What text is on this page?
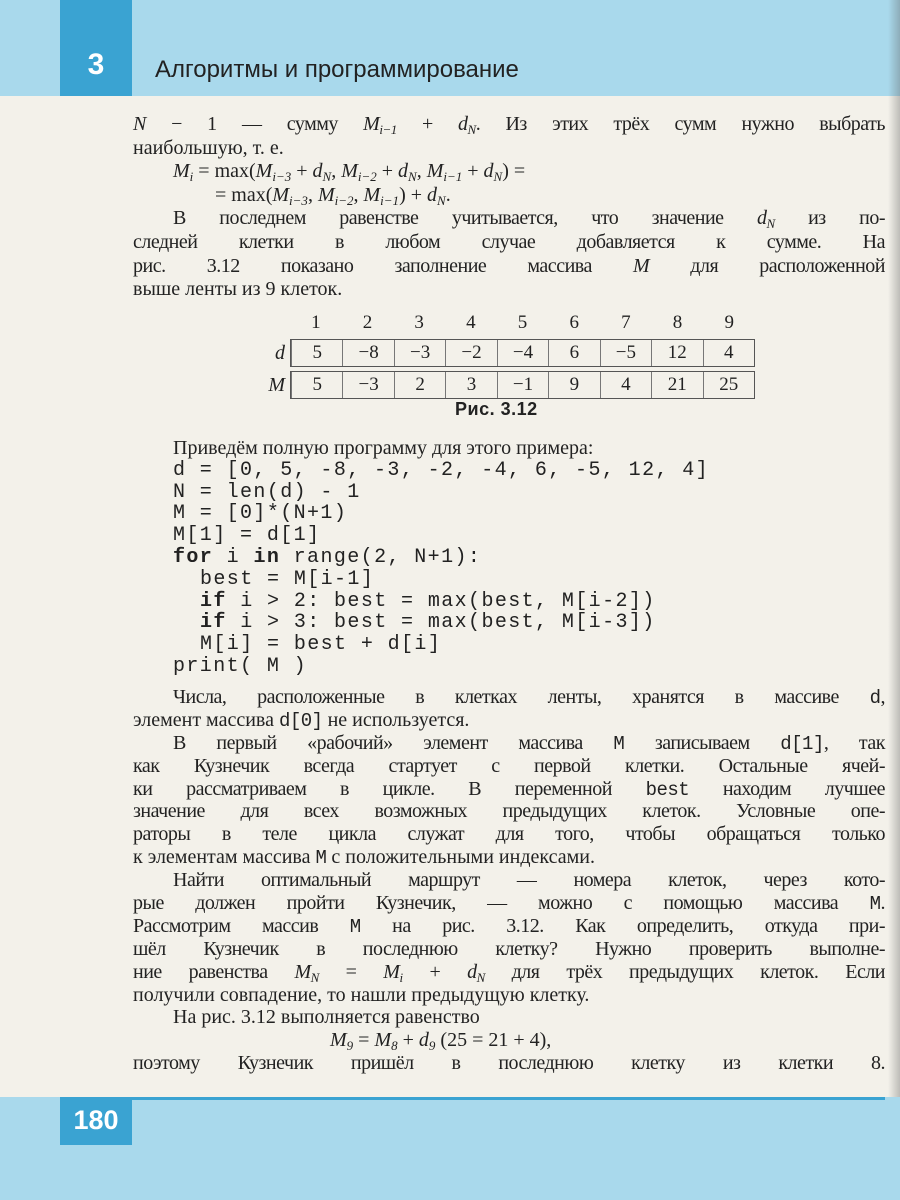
3	Алгоритмы и программирование
N − 1 — сумму $M_{i-1} + d_N$. Из этих трёх сумм нужно выбрать
наибольшую, т. е.
$M_i = \max(M_{i-3} + d_N$, $M_{i-2} + d_N$, $M_{i-1} + d_N$) =
= $\max(M_{i-3}$, $M_{i-2}$, $M_{i-1}) + d_N$.
В последнем равенстве учитывается, что значение $d_N$ из по-
следней клетки в любом случае добавляется к сумме. На
рис. 3.12 показано заполнение массива M для расположенной
выше ленты из 9 клеток.
1	2	3	4	5	6	7	8	9
d	5	−8	−3	−2	−4	6	−5	12	4
M	5	−3	2	3	−1	9	4	21	25
Рис. 3.12
Приведём полную программу для этого примера:
d = [0, 5, -8, -3, -2, -4, 6, -5, 12, 4]
N = len(d) - 1
M = [0]*(N+1)
M[1] = d[1]
for i in range(2, N+1):
best = M[i-1]
if i > 2: best = max(best, M[i-2])
if i > 3: best = max(best, M[i-3])
M[i] = best + d[i]
print( M )
Числа, расположенные в клетках ленты, хранятся в массиве d,
элемент массива d[0] не используется.
В первый «рабочий» элемент массива M записываем d[1], так
как Кузнечик всегда стартует с первой клетки. Остальные ячей-
ки рассматриваем в цикле. В переменной best находим лучшее
значение для всех возможных предыдущих клеток. Условные опе-
раторы в теле цикла служат для того, чтобы обращаться только
к элементам массива M с положительными индексами.
Найти оптимальный маршрут — номера клеток, через кото-
рые должен пройти Кузнечик, — можно с помощью массива M.
Рассмотрим массив M на рис. 3.12. Как определить, откуда при-
шёл Кузнечик в последнюю клетку? Нужно проверить выполне-
ние равенства $M_N = M_i + d_N$ для трёх предыдущих клеток. Если
получили совпадение, то нашли предыдущую клетку.
На рис. 3.12 выполняется равенство
$M_9 = M_8 + d_9$ (25 = 21 + 4),
поэтому Кузнечик пришёл в последнюю клетку из клетки 8.
180
